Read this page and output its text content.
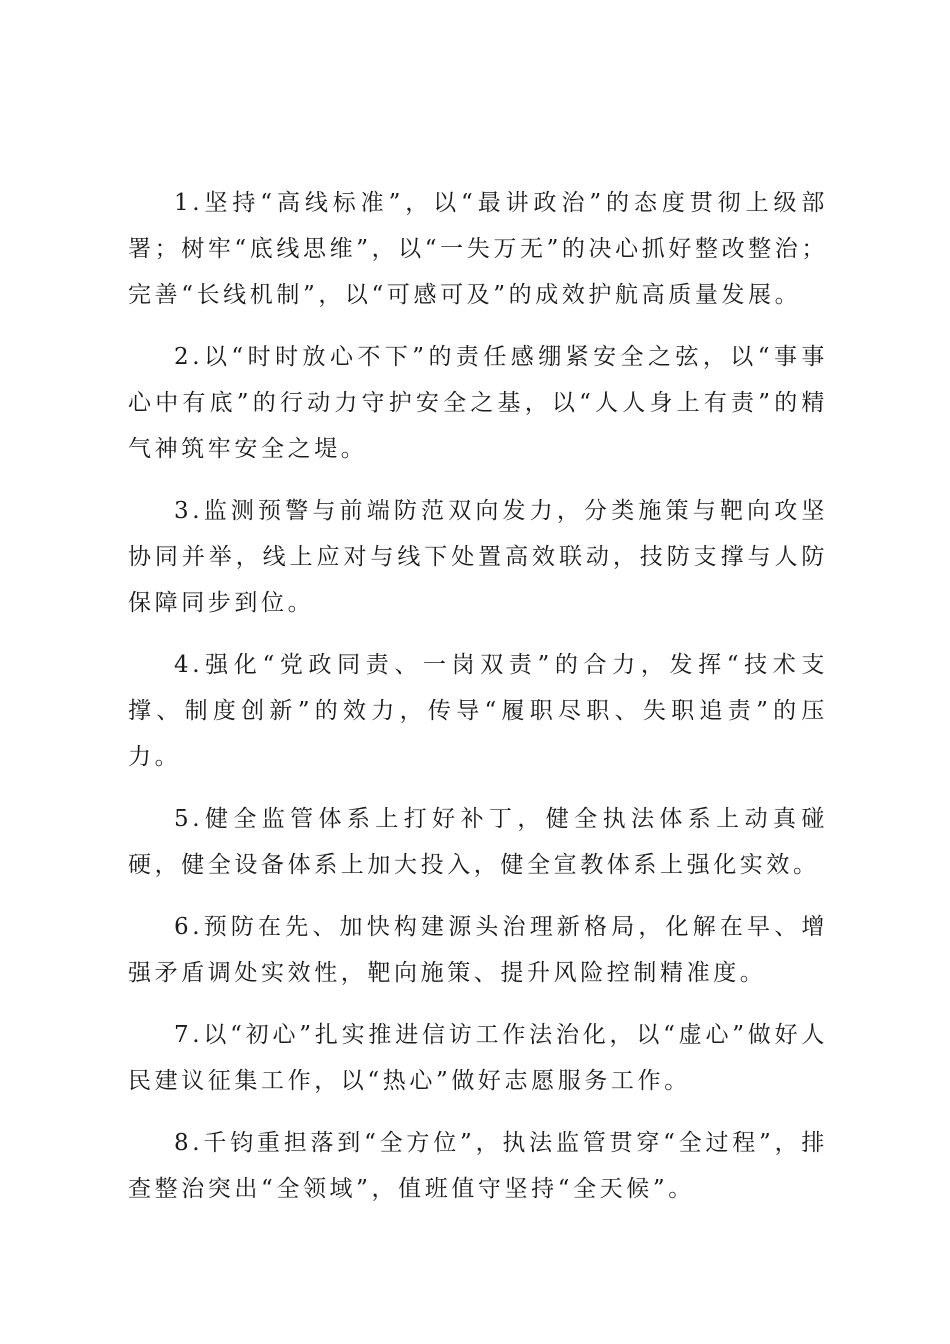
1.坚持“高线标准”，以“最讲政治”的态度贯彻上级部署；树牢“底线思维”，以“一失万无”的决心抓好整改整治；完善“长线机制”，以“可感可及”的成效护航高质量发展。

2.以“时时放心不下”的责任感绷紧安全之弦，以“事事心中有底”的行动力守护安全之基，以“人人身上有责”的精气神筑牢安全之堤。

3.监测预警与前端防范双向发力，分类施策与靶向攻坚协同并举，线上应对与线下处置高效联动，技防支撑与人防保障同步到位。

4.强化“党政同责、一岗双责”的合力，发挥“技术支撑、制度创新”的效力，传导“履职尽职、失职追责”的压力。

5.健全监管体系上打好补丁，健全执法体系上动真碰硬，健全设备体系上加大投入，健全宣教体系上强化实效。

6.预防在先、加快构建源头治理新格局，化解在早、增强矛盾调处实效性，靶向施策、提升风险控制精准度。

7.以“初心”扎实推进信访工作法治化，以“虚心”做好人民建议征集工作，以“热心”做好志愿服务工作。

8.千钧重担落到“全方位”，执法监管贯穿“全过程”，排查整治突出“全领域”，值班值守坚持“全天候”。
